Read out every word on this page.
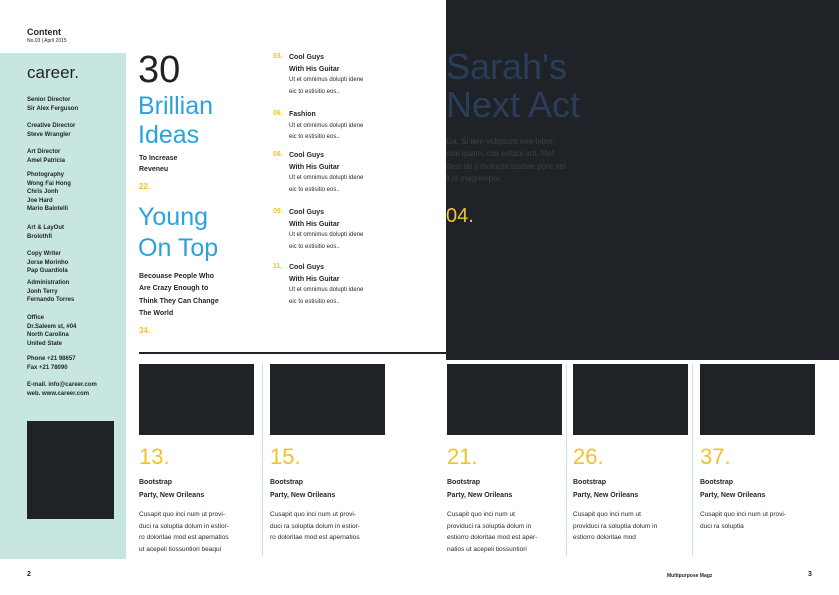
Content
No.03 | April 2015
career.
Senior Director
Sir Alex Ferguson
Creative Director
Steve Wrangler
Art Director
Amel Patricia
Photography
Wong Fai Hong
Chris Jonh
Joe Hard
Mario Balotelli
Art & LayOut
Brolothfi
Copy Writer
Jorse Morinho
Pap Guardiola
Administration
Jonh Terry
Fernando Torres
Office
Dr.Saleem st, #04
North Carolina
United State
Phone +21 98657
Fax +21 78090
E-mail. info@career.com
web. www.career.com
30
Brillian
Ideas
To Increase
Reveneu
22.
Young
On Top
Becouase People Who
Are Crazy Enough to
Think They Can Change
The World
34.
03. Cool Guys
With His Guitar
Ut et omnimus dolupti idene
eic to estisitio eos..
06. Fashion
Ut et omnimus dolupti idene
eic to estisitio eos..
08. Cool Guys
With His Guitar
Ut et omnimus dolupti idene
eic to estisitio eos..
09. Cool Guys
With His Guitar
Ut et omnimus dolupti idene
eic to estisitio eos..
11. Cool Guys
With His Guitar
Ut et omnimus dolupti idene
eic to estisitio eos..
Sarah's
Next Act
Ga. Si tem vidipsunt ene labor-
rum quam, cus eatqui unt. Met
dest ab il molupta tusdae pore vel
il id magnimpor.
04.
13.
Bootstrap
Party, New Orileans
Cusapit quo inci num ut provi-
duci ra soluptia dolum in estior-
ro doloritae mod est apernatios
ut acepeli tiossuntiori beaqui
15.
Bootstrap
Party, New Orileans
Cusapit quo inci num ut provi-
duci ra soluptia dolum in estior-
ro doloritae mod est apernatios
21.
Bootstrap
Party, New Orileans
Cusapit quo inci num ut
providuci ra soluptia dolum in
estiorro doloritae mod est aper-
natios ut acepeli tiossuntiori
26.
Bootstrap
Party, New Orileans
Cusapit quo inci num ut
providuci ra soluptia dolum in
estiorro doloritae mod
37.
Bootstrap
Party, New Orileans
Cusapit quo inci num ut provi-
duci ra soluptia
2	Multipurpose Magz	3
